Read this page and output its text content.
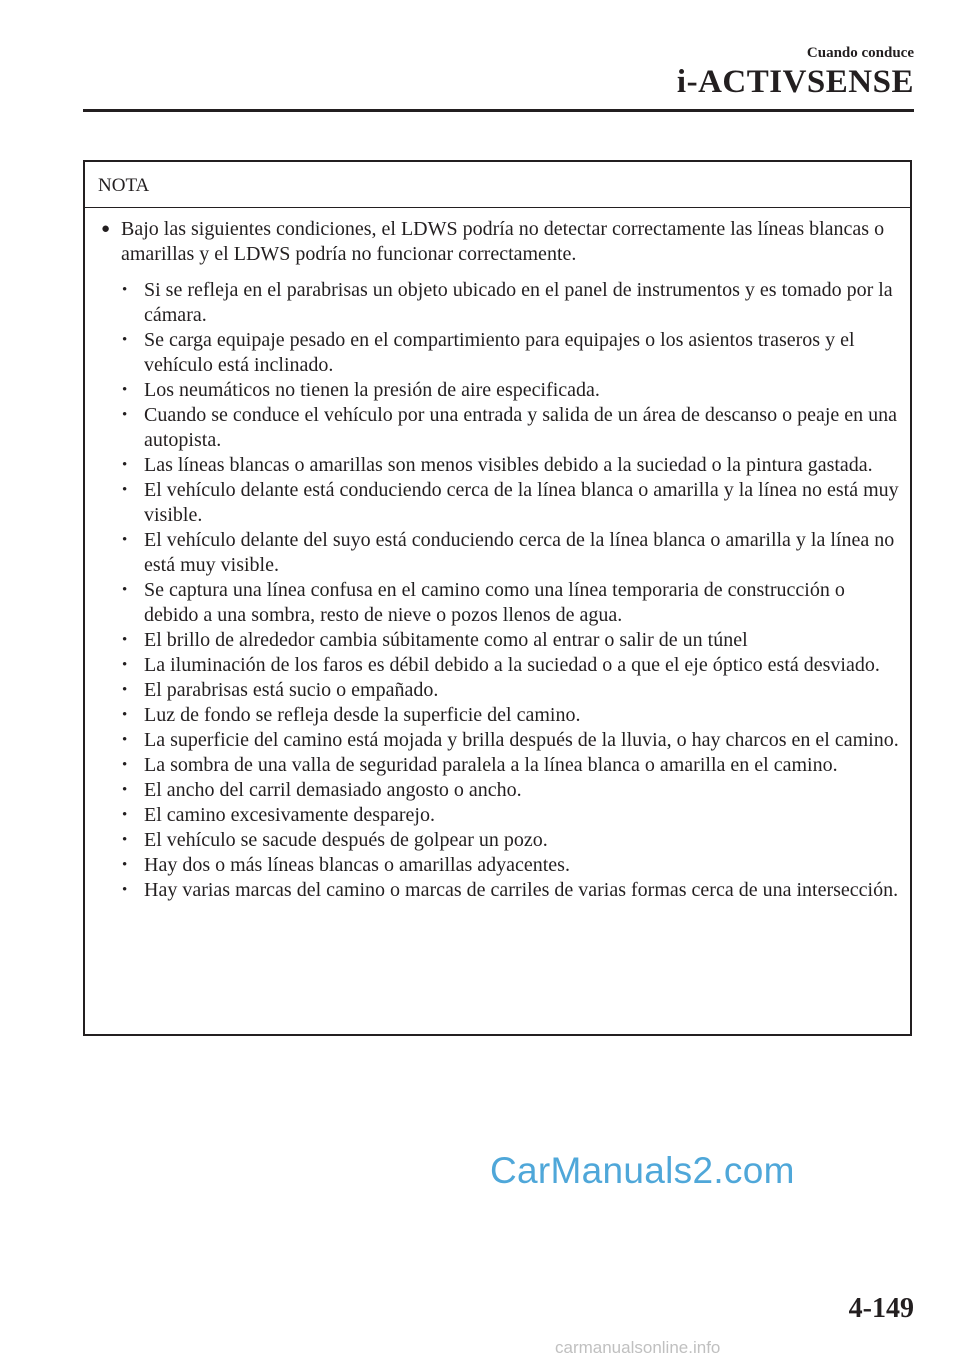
Cuando conduce
i-ACTIVSENSE
NOTA
● Bajo las siguientes condiciones, el LDWS podría no detectar correctamente las líneas blancas o amarillas y el LDWS podría no funcionar correctamente.
• Si se refleja en el parabrisas un objeto ubicado en el panel de instrumentos y es tomado por la cámara.
• Se carga equipaje pesado en el compartimiento para equipajes o los asientos traseros y el vehículo está inclinado.
• Los neumáticos no tienen la presión de aire especificada.
• Cuando se conduce el vehículo por una entrada y salida de un área de descanso o peaje en una autopista.
• Las líneas blancas o amarillas son menos visibles debido a la suciedad o la pintura gastada.
• El vehículo delante está conduciendo cerca de la línea blanca o amarilla y la línea no está muy visible.
• El vehículo delante del suyo está conduciendo cerca de la línea blanca o amarilla y la línea no está muy visible.
• Se captura una línea confusa en el camino como una línea temporaria de construcción o debido a una sombra, resto de nieve o pozos llenos de agua.
• El brillo de alrededor cambia súbitamente como al entrar o salir de un túnel
• La iluminación de los faros es débil debido a la suciedad o a que el eje óptico está desviado.
• El parabrisas está sucio o empañado.
• Luz de fondo se refleja desde la superficie del camino.
• La superficie del camino está mojada y brilla después de la lluvia, o hay charcos en el camino.
• La sombra de una valla de seguridad paralela a la línea blanca o amarilla en el camino.
• El ancho del carril demasiado angosto o ancho.
• El camino excesivamente desparejo.
• El vehículo se sacude después de golpear un pozo.
• Hay dos o más líneas blancas o amarillas adyacentes.
• Hay varias marcas del camino o marcas de carriles de varias formas cerca de una intersección.
CarManuals2.com
4-149
carmanualsonline.info
